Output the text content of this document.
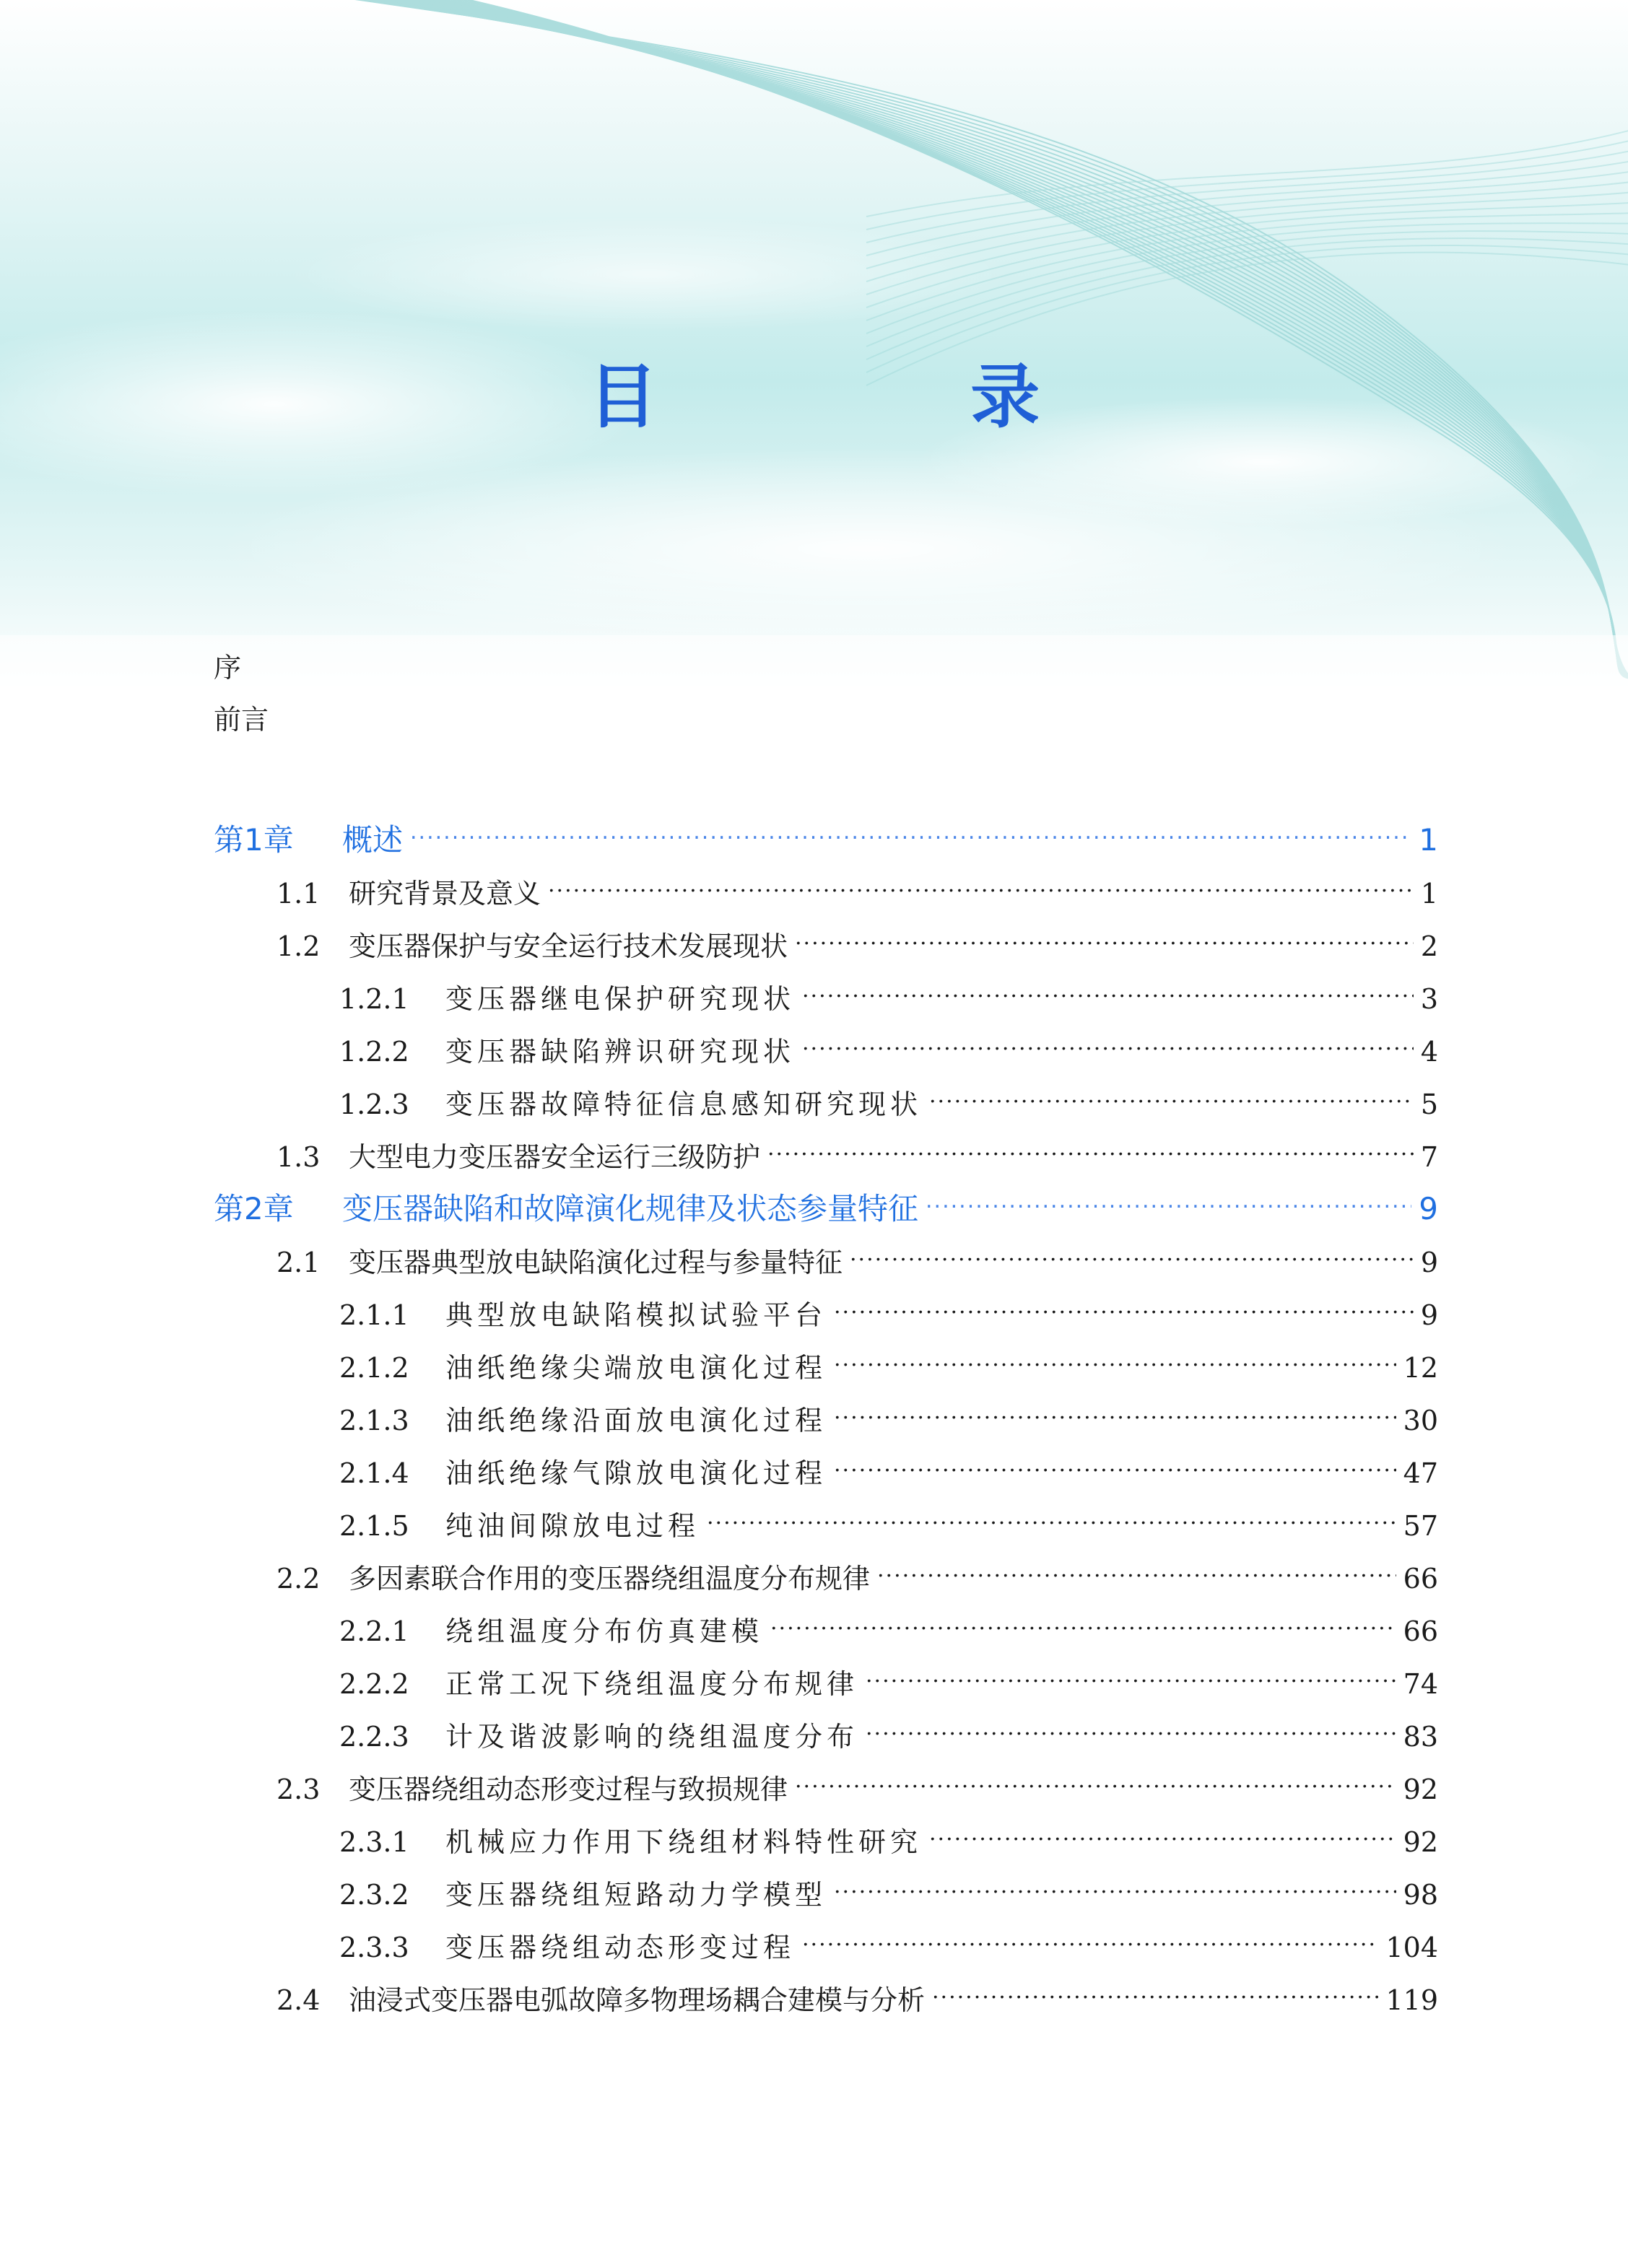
目 录
序
前言
第1章	概述 .....	1
1.1	研究背景及意义 .....	1
1.2	变压器保护与安全运行技术发展现状 .....	2
1.2.1	变压器继电保护研究现状 .....	3
1.2.2	变压器缺陷辨识研究现状 .....	4
1.2.3	变压器故障特征信息感知研究现状 .....	5
1.3	大型电力变压器安全运行三级防护 .....	7
第2章	变压器缺陷和故障演化规律及状态参量特征 .....	9
2.1	变压器典型放电缺陷演化过程与参量特征 .....	9
2.1.1	典型放电缺陷模拟试验平台 .....	9
2.1.2	油纸绝缘尖端放电演化过程 .....	12
2.1.3	油纸绝缘沿面放电演化过程 .....	30
2.1.4	油纸绝缘气隙放电演化过程 .....	47
2.1.5	纯油间隙放电过程 .....	57
2.2	多因素联合作用的变压器绕组温度分布规律 .....	66
2.2.1	绕组温度分布仿真建模 .....	66
2.2.2	正常工况下绕组温度分布规律 .....	74
2.2.3	计及谐波影响的绕组温度分布 .....	83
2.3	变压器绕组动态形变过程与致损规律 .....	92
2.3.1	机械应力作用下绕组材料特性研究 .....	92
2.3.2	变压器绕组短路动力学模型 .....	98
2.3.3	变压器绕组动态形变过程 .....	104
2.4	油浸式变压器电弧故障多物理场耦合建模与分析 .....	119
